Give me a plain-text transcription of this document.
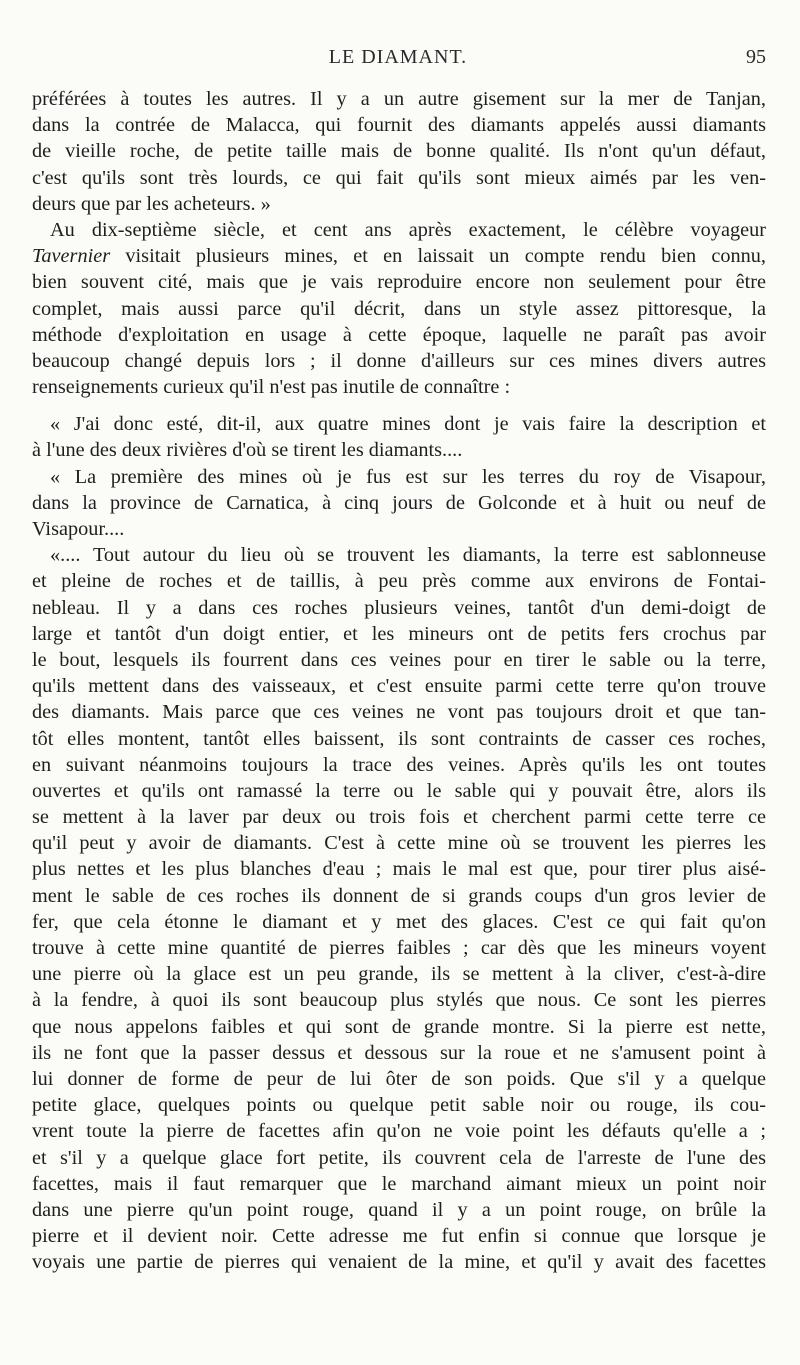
LE DIAMANT.	95
préférées à toutes les autres. Il y a un autre gisement sur la mer de Tanjan,
dans la contrée de Malacca, qui fournit des diamants appelés aussi diamants
de vieille roche, de petite taille mais de bonne qualité. Ils n'ont qu'un défaut,
c'est qu'ils sont très lourds, ce qui fait qu'ils sont mieux aimés par les ven-
deurs que par les acheteurs. »
Au dix-septième siècle, et cent ans après exactement, le célèbre voyageur
Tavernier visitait plusieurs mines, et en laissait un compte rendu bien connu,
bien souvent cité, mais que je vais reproduire encore non seulement pour être
complet, mais aussi parce qu'il décrit, dans un style assez pittoresque, la
méthode d'exploitation en usage à cette époque, laquelle ne paraît pas avoir
beaucoup changé depuis lors ; il donne d'ailleurs sur ces mines divers autres
renseignements curieux qu'il n'est pas inutile de connaître :
« J'ai donc esté, dit-il, aux quatre mines dont je vais faire la description et
à l'une des deux rivières d'où se tirent les diamants....
« La première des mines où je fus est sur les terres du roy de Visapour,
dans la province de Carnatica, à cinq jours de Golconde et à huit ou neuf de
Visapour....
«.... Tout autour du lieu où se trouvent les diamants, la terre est sablonneuse
et pleine de roches et de taillis, à peu près comme aux environs de Fontai-
nebleau. Il y a dans ces roches plusieurs veines, tantôt d'un demi-doigt de
large et tantôt d'un doigt entier, et les mineurs ont de petits fers crochus par
le bout, lesquels ils fourrent dans ces veines pour en tirer le sable ou la terre,
qu'ils mettent dans des vaisseaux, et c'est ensuite parmi cette terre qu'on trouve
des diamants. Mais parce que ces veines ne vont pas toujours droit et que tan-
tôt elles montent, tantôt elles baissent, ils sont contraints de casser ces roches,
en suivant néanmoins toujours la trace des veines. Après qu'ils les ont toutes
ouvertes et qu'ils ont ramassé la terre ou le sable qui y pouvait être, alors ils
se mettent à la laver par deux ou trois fois et cherchent parmi cette terre ce
qu'il peut y avoir de diamants. C'est à cette mine où se trouvent les pierres les
plus nettes et les plus blanches d'eau ; mais le mal est que, pour tirer plus aisé-
ment le sable de ces roches ils donnent de si grands coups d'un gros levier de
fer, que cela étonne le diamant et y met des glaces. C'est ce qui fait qu'on
trouve à cette mine quantité de pierres faibles ; car dès que les mineurs voyent
une pierre où la glace est un peu grande, ils se mettent à la cliver, c'est-à-dire
à la fendre, à quoi ils sont beaucoup plus stylés que nous. Ce sont les pierres
que nous appelons faibles et qui sont de grande montre. Si la pierre est nette,
ils ne font que la passer dessus et dessous sur la roue et ne s'amusent point à
lui donner de forme de peur de lui ôter de son poids. Que s'il y a quelque
petite glace, quelques points ou quelque petit sable noir ou rouge, ils cou-
vrent toute la pierre de facettes afin qu'on ne voie point les défauts qu'elle a ;
et s'il y a quelque glace fort petite, ils couvrent cela de l'arreste de l'une des
facettes, mais il faut remarquer que le marchand aimant mieux un point noir
dans une pierre qu'un point rouge, quand il y a un point rouge, on brûle la
pierre et il devient noir. Cette adresse me fut enfin si connue que lorsque je
voyais une partie de pierres qui venaient de la mine, et qu'il y avait des facettes
